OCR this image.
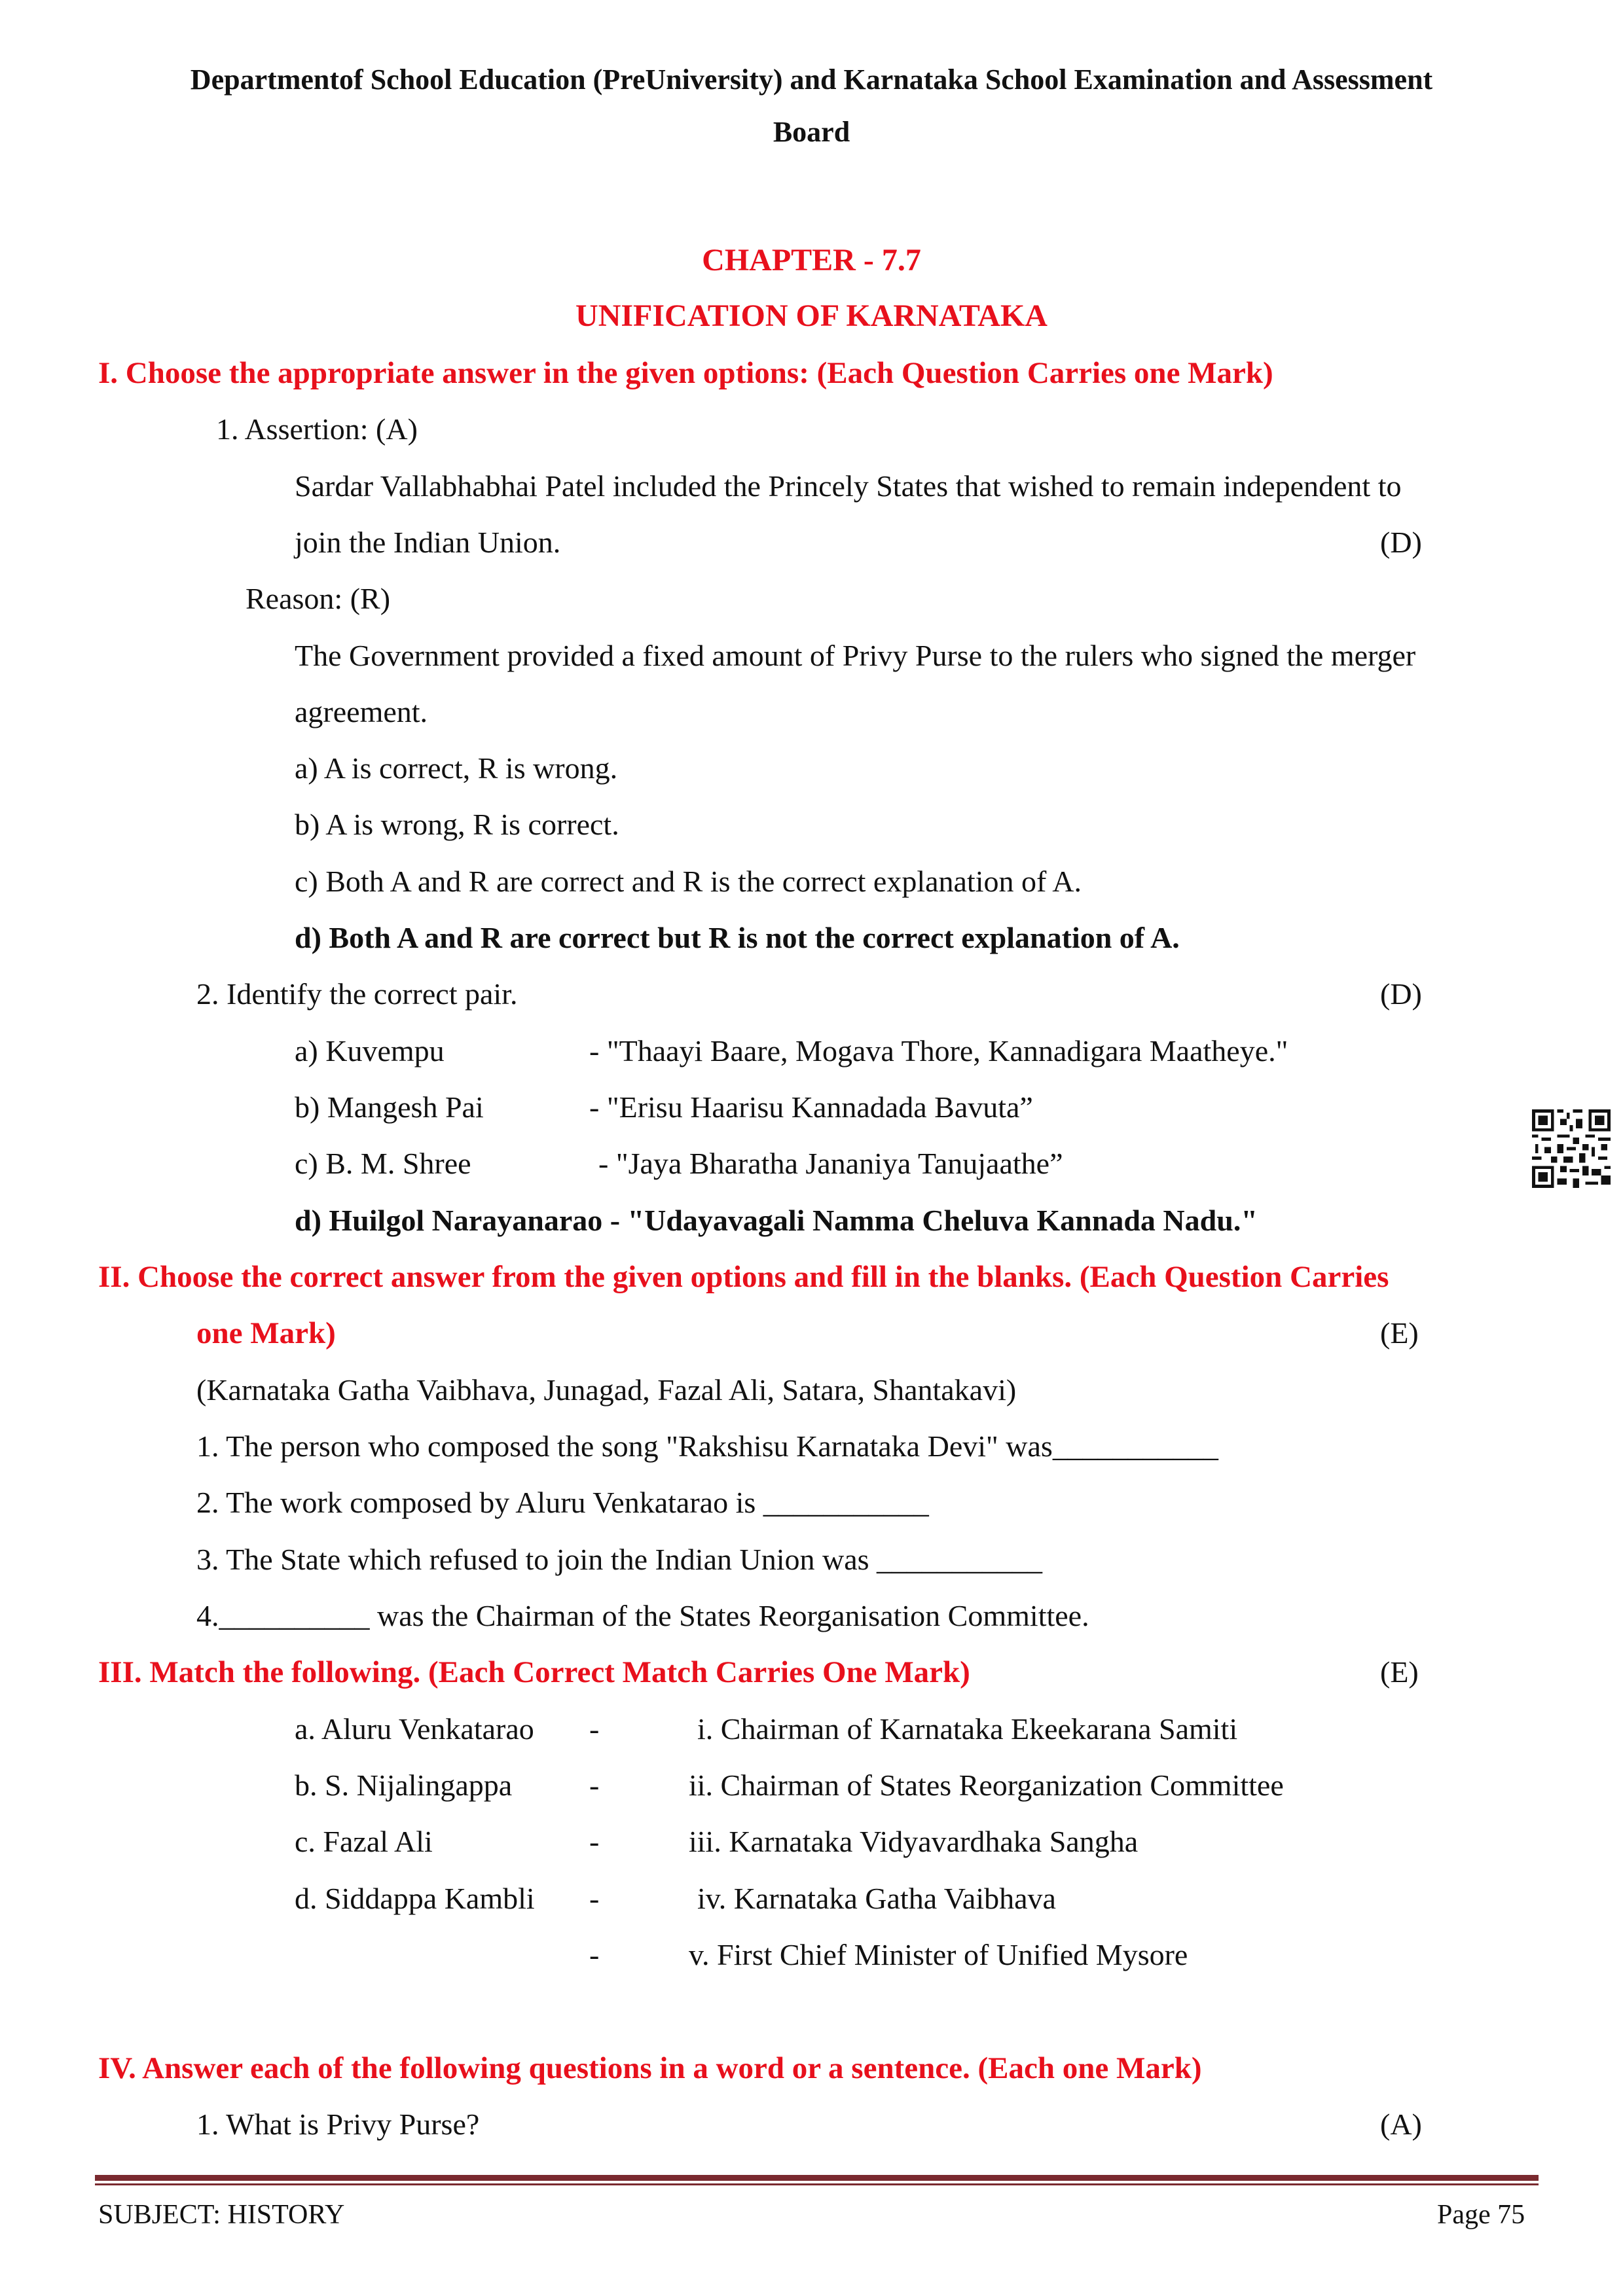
Departmentof School Education (PreUniversity) and Karnataka School Examination and Assessment
Board
CHAPTER - 7.7
UNIFICATION OF KARNATAKA
I. Choose the appropriate answer in the given options: (Each Question Carries one Mark)
1. Assertion: (A)
Sardar Vallabhabhai Patel included the Princely States that wished to remain independent to
join the Indian Union.	(D)
Reason: (R)
The Government provided a fixed amount of Privy Purse to the rulers who signed the merger
agreement.
a) A is correct, R is wrong.
b) A is wrong, R is correct.
c) Both A and R are correct and R is the correct explanation of A.
d) Both A and R are correct but R is not the correct explanation of A.
2. Identify the correct pair.	(D)
a) Kuvempu	- "Thaayi Baare, Mogava Thore, Kannadigara Maatheye."
b) Mangesh Pai	- "Erisu Haarisu Kannadada Bavuta”
c) B. M. Shree	- "Jaya Bharatha Jananiya Tanujaathe”
d) Huilgol Narayanarao - "Udayavagali Namma Cheluva Kannada Nadu."
II. Choose the correct answer from the given options and fill in the blanks. (Each Question Carries
one Mark)	(E)
(Karnataka Gatha Vaibhava, Junagad, Fazal Ali, Satara, Shantakavi)
1. The person who composed the song "Rakshisu Karnataka Devi" was___________
2. The work composed by Aluru Venkatarao is ___________
3. The State which refused to join the Indian Union was ___________
4.__________ was the Chairman of the States Reorganisation Committee.
III. Match the following. (Each Correct Match Carries One Mark)	(E)
a. Aluru Venkatarao -	i. Chairman of Karnataka Ekeekarana Samiti
b. S. Nijalingappa	-	ii. Chairman of States Reorganization Committee
c. Fazal Ali	-	iii. Karnataka Vidyavardhaka Sangha
d. Siddappa Kambli -	iv. Karnataka Gatha Vaibhava
-	v. First Chief Minister of Unified Mysore
IV. Answer each of the following questions in a word or a sentence. (Each one Mark)
1. What is Privy Purse?	(A)
SUBJECT: HISTORY	Page 75
